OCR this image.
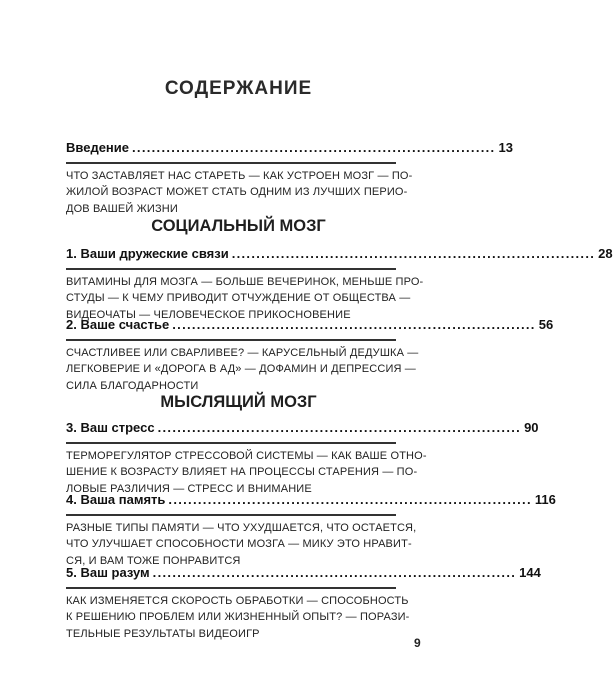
СОДЕРЖАНИЕ
Введение .......................................................................... 13
ЧТО ЗАСТАВЛЯЕТ НАС СТАРЕТЬ — КАК УСТРОЕН МОЗГ — ПО-
ЖИЛОЙ ВОЗРАСТ МОЖЕТ СТАТЬ ОДНИМ ИЗ ЛУЧШИХ ПЕРИО-
ДОВ ВАШЕЙ ЖИЗНИ
СОЦИАЛЬНЫЙ МОЗГ
1. Ваши дружеские связи .......................................................................... 28
ВИТАМИНЫ ДЛЯ МОЗГА — БОЛЬШЕ ВЕЧЕРИНОК, МЕНЬШЕ ПРО-
СТУДЫ — К ЧЕМУ ПРИВОДИТ ОТЧУЖДЕНИЕ ОТ ОБЩЕСТВА —
ВИДЕОЧАТЫ — ЧЕЛОВЕЧЕСКОЕ ПРИКОСНОВЕНИЕ
2. Ваше счастье .......................................................................... 56
СЧАСТЛИВЕЕ ИЛИ СВАРЛИВЕЕ? — КАРУСЕЛЬНЫЙ ДЕДУШКА —
ЛЕГКОВЕРИЕ И «ДОРОГА В АД» — ДОФАМИН И ДЕПРЕССИЯ —
СИЛА БЛАГОДАРНОСТИ
МЫСЛЯЩИЙ МОЗГ
3. Ваш стресс .......................................................................... 90
ТЕРМОРЕГУЛЯТОР СТРЕССОВОЙ СИСТЕМЫ — КАК ВАШЕ ОТНО-
ШЕНИЕ К ВОЗРАСТУ ВЛИЯЕТ НА ПРОЦЕССЫ СТАРЕНИЯ — ПО-
ЛОВЫЕ РАЗЛИЧИЯ — СТРЕСС И ВНИМАНИЕ
4. Ваша память .......................................................................... 116
РАЗНЫЕ ТИПЫ ПАМЯТИ — ЧТО УХУДШАЕТСЯ, ЧТО ОСТАЕТСЯ,
ЧТО УЛУЧШАЕТ СПОСОБНОСТИ МОЗГА — МИКУ ЭТО НРАВИТ-
СЯ, И ВАМ ТОЖЕ ПОНРАВИТСЯ
5. Ваш разум .......................................................................... 144
КАК ИЗМЕНЯЕТСЯ СКОРОСТЬ ОБРАБОТКИ — СПОСОБНОСТЬ
К РЕШЕНИЮ ПРОБЛЕМ ИЛИ ЖИЗНЕННЫЙ ОПЫТ? — ПОРАЗИ-
ТЕЛЬНЫЕ РЕЗУЛЬТАТЫ ВИДЕОИГР
9
